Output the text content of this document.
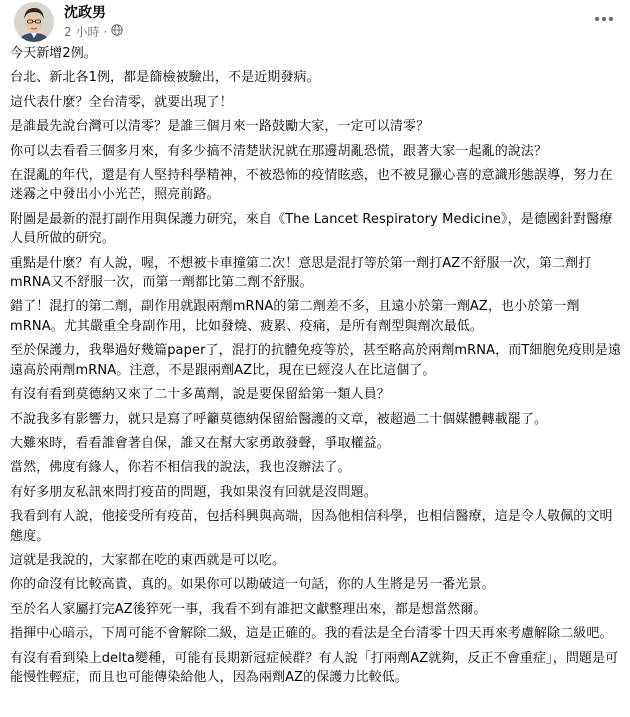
沈政男
2 小時 ·

今天新增2例。

台北、新北各1例，都是篩檢被驗出，不是近期發病。

這代表什麼？全台清零，就要出現了！

是誰最先說台灣可以清零？是誰三個月來一路鼓勵大家，一定可以清零？

你可以去看看三個多月來，有多少搞不清楚狀況就在那邊胡亂恐慌，跟著大家一起亂的說法？

在混亂的年代，還是有人堅持科學精神，不被恐怖的疫情眩惑，也不被見獵心喜的意識形態誤導，努力在迷霧之中發出小小光芒，照亮前路。

附圖是最新的混打副作用與保護力研究，來自《The Lancet Respiratory Medicine》，是德國針對醫療人員所做的研究。

重點是什麼？有人說，喔，不想被卡車撞第二次！意思是混打等於第一劑打AZ不舒服一次，第二劑打mRNA又不舒服一次，而第一劑都比第二劑不舒服。

錯了！混打的第二劑，副作用就跟兩劑mRNA的第二劑差不多，且遠小於第一劑AZ，也小於第一劑mRNA。尤其嚴重全身副作用，比如發燒、疲累、疫痛，是所有劑型與劑次最低。

至於保護力，我舉過好幾篇paper了，混打的抗體免疫等於，甚至略高於兩劑mRNA，而T細胞免疫則是遠遠高於兩劑mRNA。注意，不是跟兩劑AZ比，現在已經沒人在比這個了。

有沒有看到莫德納又來了二十多萬劑，說是要保留給第一類人員？

不說我多有影響力，就只是寫了呼籲莫德納保留給醫護的文章，被超過二十個媒體轉載罷了。

大難來時，看看誰會著自保，誰又在幫大家勇敢發聲，爭取權益。

當然，佛度有緣人，你若不相信我的說法，我也沒辦法了。

有好多朋友私訊來問打疫苗的問題，我如果沒有回就是沒問題。

我看到有人說，他接受所有疫苗，包括科興與高端，因為他相信科學，也相信醫療，這是令人敬佩的文明態度。

這就是我說的，大家都在吃的東西就是可以吃。

你的命沒有比較高貴，真的。如果你可以勘破這一句話，你的人生將是另一番光景。

至於名人家屬打完AZ後猝死一事，我看不到有誰把文獻整理出來，都是想當然爾。

指揮中心暗示，下周可能不會解除二級，這是正確的。我的看法是全台清零十四天再來考慮解除二級吧。

有沒有看到染上delta變種，可能有長期新冠症候群？有人說「打兩劑AZ就夠，反正不會重症」，問題是可能慢性輕症，而且也可能傳染給他人，因為兩劑AZ的保護力比較低。
